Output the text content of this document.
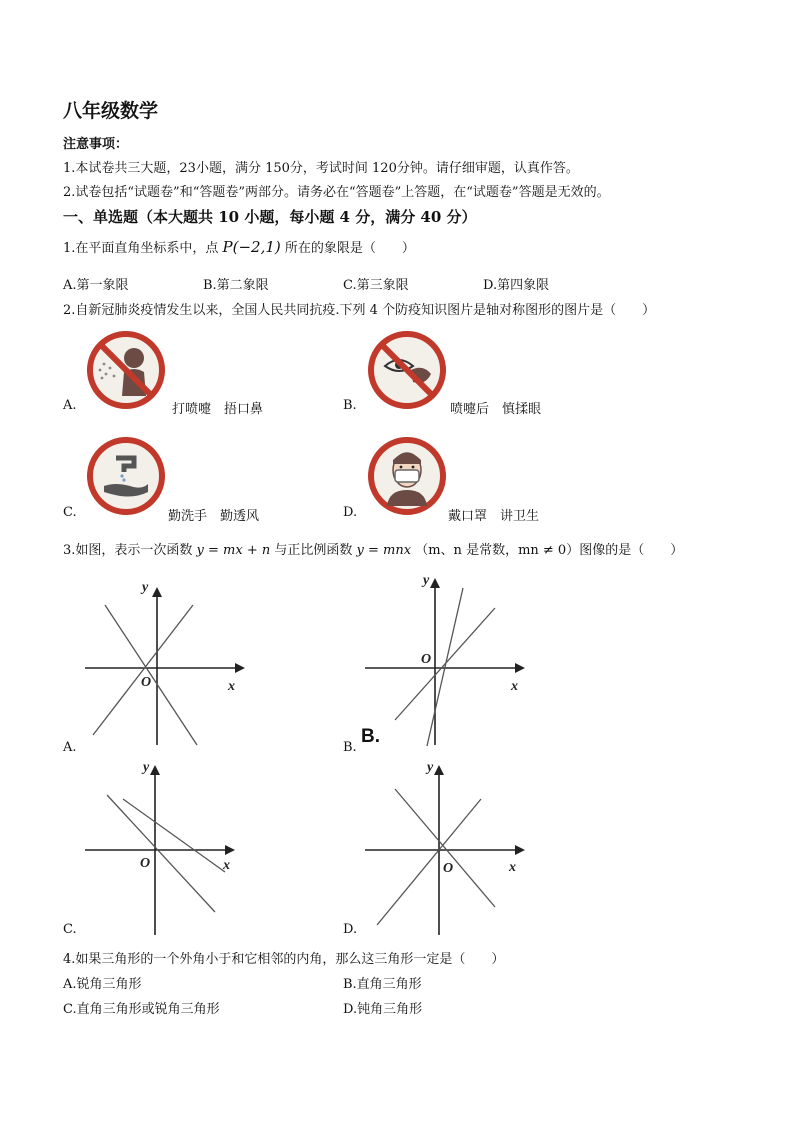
八年级数学
注意事项：
1.本试卷共三大题，23小题，满分 150分，考试时间 120分钟。请仔细审题，认真作答。
2.试卷包括“试题卷”和“答题卷”两部分。请务必在“答题卷”上答题，在“试题卷”答题是无效的。
一、单选题（本大题共 10 小题，每小题 4 分，满分 40 分）
1.在平面直角坐标系中，点 P(−2,1) 所在的象限是（　　）
A.第一象限	B.第二象限	C.第三象限	D.第四象限
2.自新冠肺炎疫情发生以来，全国人民共同抗疫.下列 4 个防疫知识图片是轴对称图形的图片是（　　）
A.	打喷嚏　捂口鼻	B.	喷嚏后　慎揉眼
C.	勤洗手　勤透风	D.	戴口罩　讲卫生
3.如图，表示一次函数 y = mx + n 与正比例函数 y = mnx （m、n 是常数，mn ≠ 0）图像的是（　　）
y
x
O
A.
y
x
O
B.
B.
y
x
O
C.
y
x
O
D.
4.如果三角形的一个外角小于和它相邻的内角，那么这三角形一定是（　　）
A.锐角三角形	B.直角三角形
C.直角三角形或锐角三角形	D.钝角三角形
